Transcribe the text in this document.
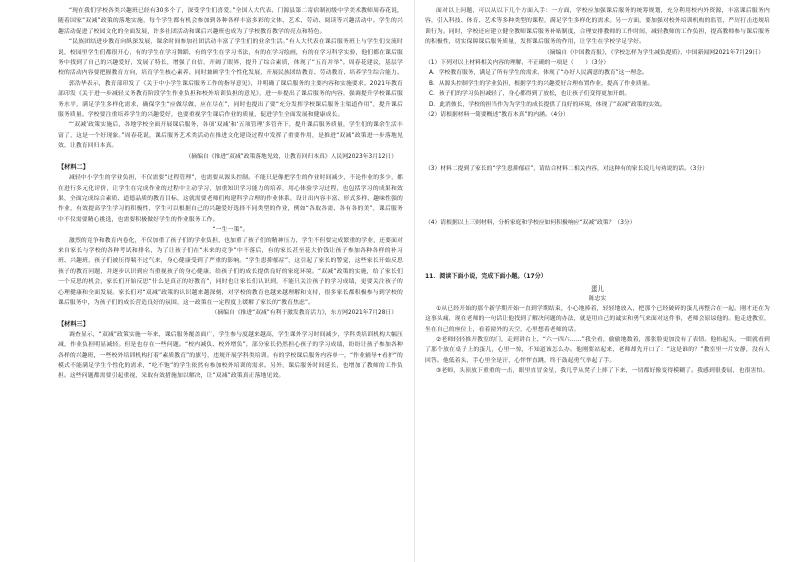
“现在我们学校各类兴趣班已经有30多个了，深受学生们喜爱。”全国人大代表、门源县第二寄宿制初级中学美术教师周春花说，随着国家“双减”政策的落地实施，每个学生都有机会参加到各种各样丰富多彩的文体、艺术、劳动、阅读等兴趣活动中。学生的兴趣活动促进了校园文化的全面发展，许多社团活动和课后兴趣班也成为了学校教育教学的亮点和特色。

“民族团结进步教育向纵深发展，课余时间参加社团活动丰富了学生们的业余生活。”有人大代表在课后服务班上与学生们交流时说，校园里学生们都很开心，有的学生在学习舞蹈，有的学生在学习书法，有的在学习绘画，有的在学习科学实验，他们都在课后服务中找到了自己的兴趣爱好，发展了特长，增强了自信，开阔了眼界，提升了综合素质，体现了“五育并举”。周春花建议，基层学校的活动内容要把握教育方向，培育学生核心素养，同时兼顾学生个性化发展，开展民族团结教育、劳动教育、培养学生综合能力。

郭浩华表示，教育部印发了《关于中小学生课后服务工作的指导意见》，并明确了课后服务的主要内容和实施要求。2021年教育部印发《关于进一步减轻义务教育阶段学生作业负担和校外培训负担的意见》，进一步提出了课后服务的内容，强调提升学校课后服务水平，满足学生多样化需求，确保学生“应做尽做、应在尽在”，同时也提出了要“充分发挥学校课后服务主渠道作用”，提升课后服务质量。学校要注重培养学生的兴趣爱好，也要重视学生课后作业的质量，促进学生全面发展和健康成长。

“‘双减’政策实施后，各地学校全面开展课后服务，各项‘双减’和‘五项管理’多管齐下，提升课后服务质量，学生们的课余生活丰富了，这是一个好现象。”周春花说，课后服务艺术类活动在推进文化建设过程中发挥了重要作用，是推进“双减”政策进一步落地见效，让教育回归本真。

（摘编自《推进“双减”政策落地见效，让教育回归本真》人民网2023年3月12日）

【材料二】

减轻中小学生的学业负担，不仅需要“过程管理”，也需要从源头控制。不能只是像把学生的作业时间减少，不论作业的多少，都在进行多元化评价，让学生在完成作业的过程中主动学习，加重知识学习能力的培养，用心体验学习过程，也包括学习的成果和效果，全面完成综合素质、道德品质的教育目标，这就需要老师们构建科学合理的作业体系，设计出内容丰富、形式多样、趣味性强的作业，有效提高学生学习的积极性，学生可以根据自己的兴趣爱好选择不同类型的作业，例如“各取各需、各有各的美”，课后服务中不仅需要精心挑选，也需要积极做好学生的作业服务工作。

“一生一策”。

激烈的竞争和教育内卷化，不仅加重了孩子们的学业负担，也加重了孩子们的精神压力，学生不但要完成繁重的学业，还要面对来自家长与学校的各种考试和排名，为了让孩子们在“未来的竞争”中不落后，有的家长甚至花大价钱让孩子参加各种各样的补习班、兴趣班，孩子们被压得喘不过气来，身心健康受到了严重的影响。“学生患抑郁症”，这引起了家长的警觉，这些家长开始反思孩子的教育问题，并逐步认识到应当重视孩子的身心健康，给孩子们的成长提供良好的家庭环境。“双减”政策的实施，给了家长们一个反思的机会，家长们开始反思“什么是真正的好教育”，同时也让家长们认识到，不能只关注孩子的学习成绩，更要关注孩子的心理健康和全面发展。家长们对“双减”政策的认识越来越深刻，对学校的教育也越来越理解和支持，很多家长都积极参与到学校的课后服务中，为孩子们的成长营造良好的氛围，这一政策在一定程度上缓解了家长的“教育焦虑”。

（摘编自《推进“双减”有利于激发教育活力》，东方网2021年7月28日）

【材料三】

调查显示，“双减”政策实施一年来，课后服务覆盖面广，学生参与度越来越高，学生课外学习时间减少，学科类培训机构大幅压减，作业负担明显减轻。但是也存在一些问题。“校内减负、校外增负”，部分家长仍然担心孩子的学习成绩，纷纷让孩子参加各种各样的兴趣班，一些校外培训机构打着“素质教育”的旗号，违规开展学科类培训。有的学校课后服务内容单一，“作业辅导+看护”的模式不能满足学生个性化的需求，“吃不饱”的学生依然有参加校外培训的需求。另外，课后服务时间延长，也增加了教师的工作负担。这些问题都需要引起重视，采取有效措施加以解决，让“双减”政策真正落地见效。

面对以上问题，可以从以下几个方面入手：一方面，学校应加强课后服务的统筹规划，充分利用校内外资源，丰富课后服务内容，引入科技、体育、艺术等多种类型的课程，满足学生多样化的需求。另一方面，要加强对校外培训机构的监管，严厉打击违规培训行为。同时，学校还应建立健全教师课后服务补贴制度，合理安排教师的工作时间，减轻教师的工作负担，提高教师参与课后服务的积极性，切实保障课后服务质量，发挥课后服务的作用，让学生在学校学足学好。

（摘编自《中国教育报》，《学校怎样为学生减负提质》，中国新闻网2021年7月29日）

（1）下列对以上材料相关内容的理解，不正确的一项是（　　）（3分）

A．学校教育服务，满足了所有学生的需求，体现了“办好人民满意的教育”这一理念。

B．从源头控制学生的学业负担，根据学生的兴趣爱好合理布置作业，提高了作业质量。

C．孩子们的学习负担减轻了，身心都得到了放松，也让孩子们变得更加开朗。

D．此消彼长，学校的担当作为为学生的成长提供了良好的环境，体现了“双减”政策的实效。

（2）请根据材料一简要概述“教育本真”的内涵。（4分）

（3）材料二提到了家长的“学生患抑郁症”，请结合材料二相关内容，对这种有的家长说几句劝说的话。（3分）

（4）请根据以上三则材料，分析家庭和学校应如何积极响应“双减”政策？（3分）

11．阅读下面小说，完成下面小题。（17分）

蛋儿

陈忠实

①从已经开始的那个新学期开始一直到学期结束，小心地捧着，轻轻地放入，把那个已经破碎的蛋儿再整合在一起。刚才还在为这事头痛，现在老师的一句话让他找到了解决问题的办法，就是用自己的诚实和勇气来面对这件事，老师会原谅他的。他走进教室，坐在自己的座位上，看着窗外的天空，心里想着老师的话。

②老师轻轻推开教室的门，走到讲台上，“六一四六……”我全看，偷偷地数着，那张脸更加没有了表情。他抬起头，一眼就看到了那个放在桌子上的蛋儿，心里一惊，不知道该怎么办。他刚要站起来，老师却先开口了：“这是谁的？”教室里一片安静，没有人回答。他低着头，手心里全是汗，心怦怦直跳，终于鼓起勇气举起了手。

③老师，头顶放下重重的一击，眼里直冒金星，我几乎从凳子上摔了下来，一切都好像变得模糊了。我感到很委屈，也很害怕。
